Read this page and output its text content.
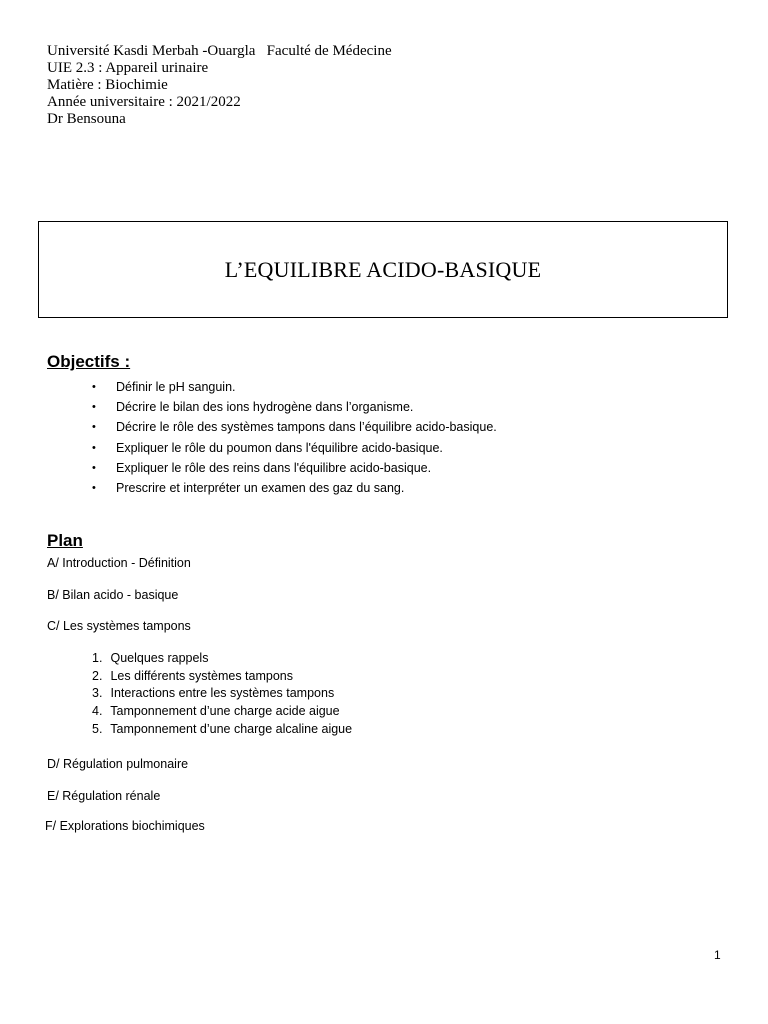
Université Kasdi Merbah -Ouargla   Faculté de Médecine
UIE 2.3 : Appareil urinaire
Matière : Biochimie
Année universitaire : 2021/2022
Dr Bensouna
L’EQUILIBRE ACIDO-BASIQUE
Objectifs :
• Définir le pH sanguin.
• Décrire le bilan des ions hydrogène dans l’organisme.
• Décrire le rôle des systèmes tampons dans l’équilibre acido-basique.
• Expliquer le rôle du poumon dans l'équilibre acido-basique.
• Expliquer le rôle des reins dans l'équilibre acido-basique.
• Prescrire et interpréter un examen des gaz du sang.
Plan

A/ Introduction - Définition

B/ Bilan acido - basique

C/ Les systèmes tampons

1. Quelques rappels
2. Les différents systèmes tampons
3. Interactions entre les systèmes tampons
4. Tamponnement d’une charge acide aigue
5. Tamponnement d’une charge alcaline aigue

D/ Régulation pulmonaire

E/ Régulation rénale

F/ Explorations biochimiques

1
